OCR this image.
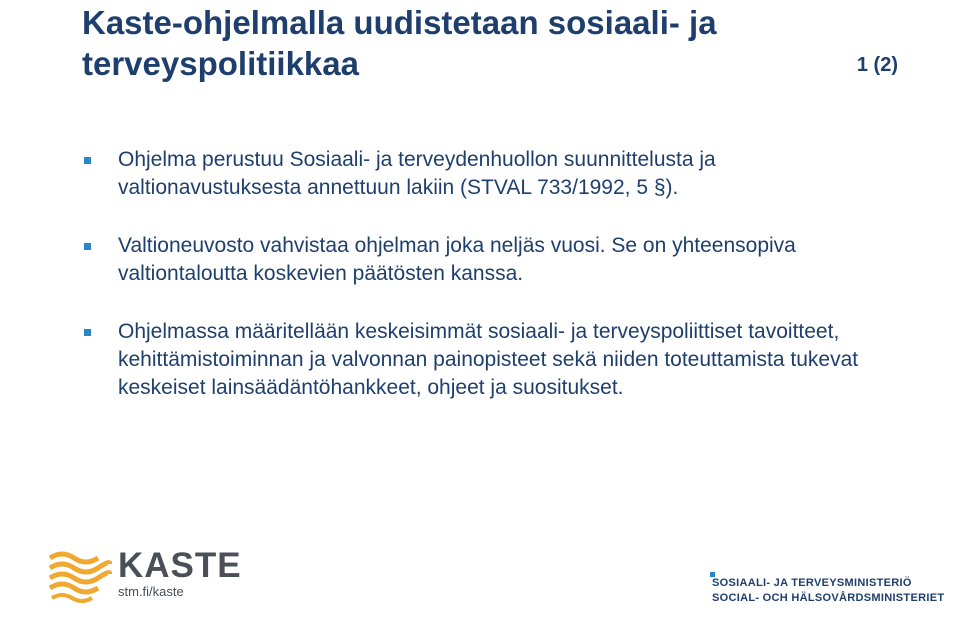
Kaste-ohjelmalla uudistetaan sosiaali- ja terveyspolitiikkaa	1 (2)
Ohjelma perustuu Sosiaali- ja terveydenhuollon suunnittelusta ja valtionavustuksesta annettuun lakiin (STVAL 733/1992, 5 §).
Valtioneuvosto vahvistaa ohjelman joka neljäs vuosi. Se on yhteensopiva valtiontaloutta koskevien päätösten kanssa.
Ohjelmassa määritellään keskeisimmät sosiaali- ja terveyspoliittiset tavoitteet, kehittämistoiminnan ja valvonnan painopisteet sekä niiden toteuttamista tukevat keskeiset lainsäädäntöhankkeet, ohjeet ja suositukset.
KASTE
stm.fi/kaste
SOSIAALI- JA TERVEYSMINISTERIÖ
SOCIAL- OCH HÄLSOVÅRDSMINISTERIET
